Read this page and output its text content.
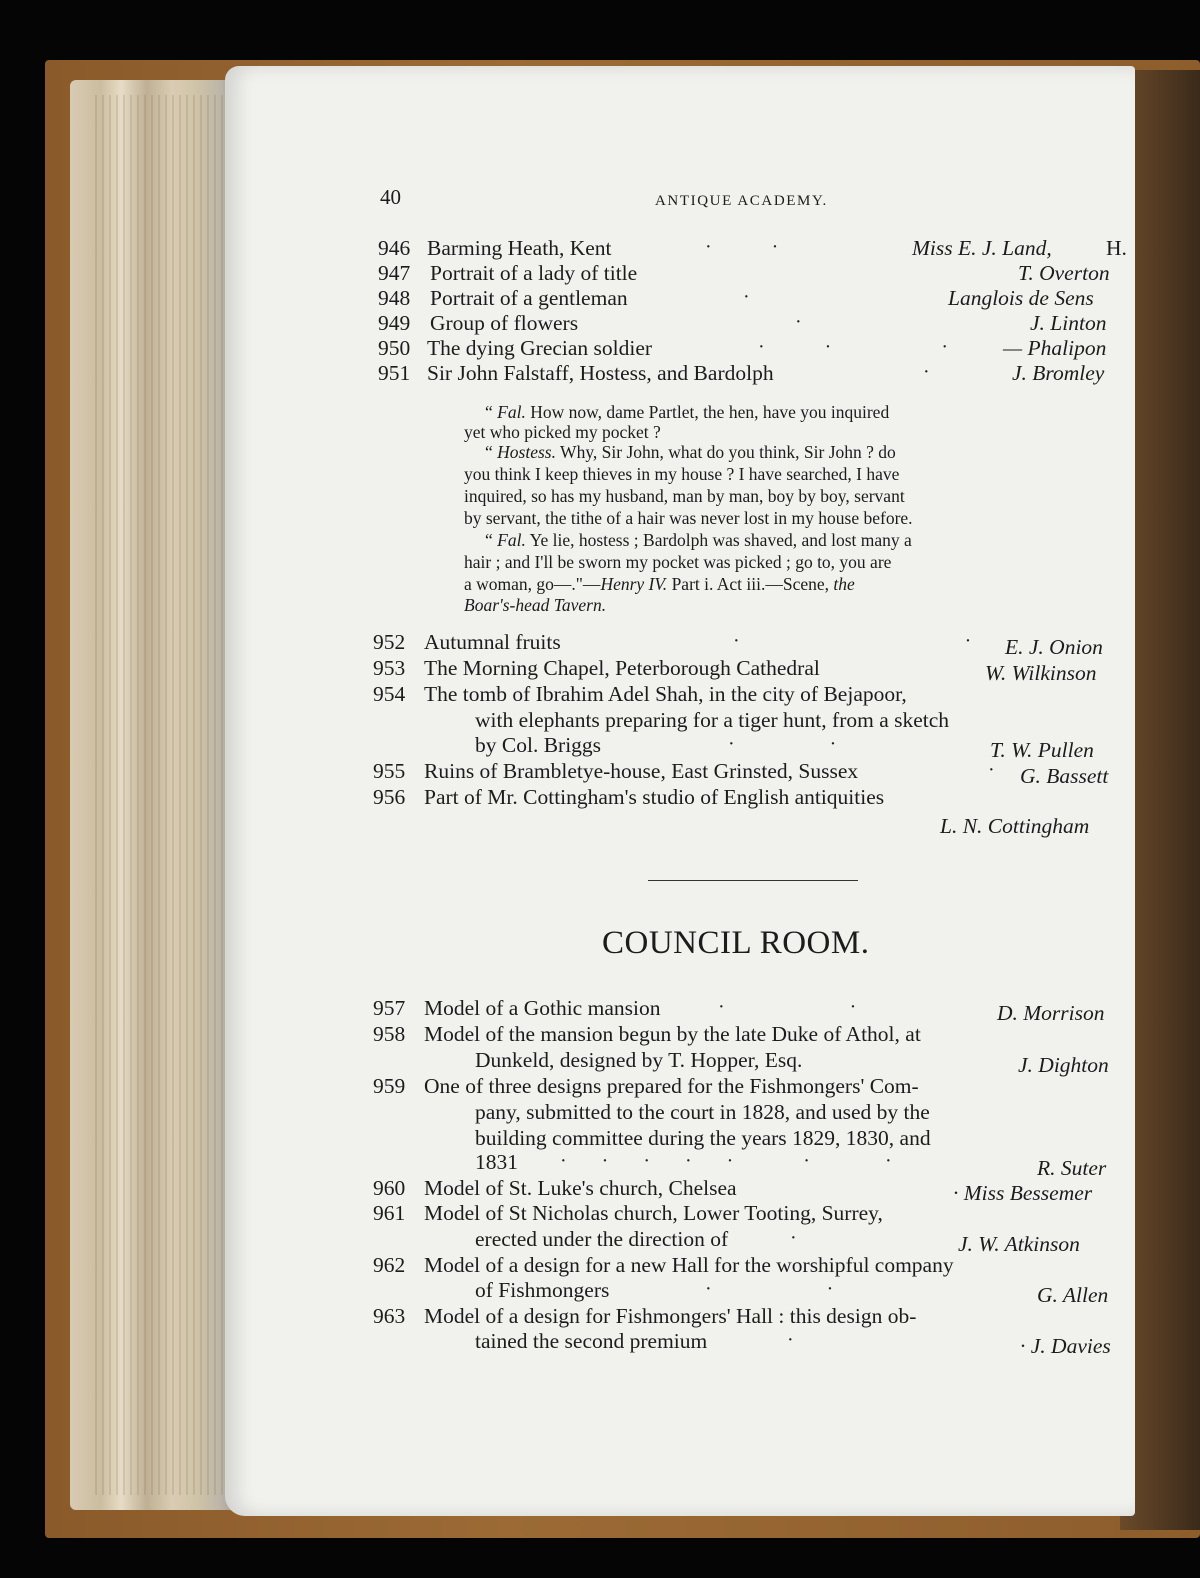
40	ANTIQUE ACADEMY.
946 Barming Heath, Kent	·            ·	Miss E. J. Land,	H.
947 Portrait of a lady of title	T. Overton
948 Portrait of a gentleman	·	Langlois de Sens
949 Group of flowers	·	J. Linton
950 The dying Grecian soldier	·            ·                      ·	— Phalipon
951 Sir John Falstaff, Hostess, and Bardolph	·	J. Bromley
“ Fal. How now, dame Partlet, the hen, have you inquired
yet who picked my pocket ?
“ Hostess. Why, Sir John, what do you think, Sir John ? do
you think I keep thieves in my house ? I have searched, I have
inquired, so has my husband, man by man, boy by boy, servant
by servant, the tithe of a hair was never lost in my house before.
“ Fal. Ye lie, hostess ; Bardolph was shaved, and lost many a
hair ; and I'll be sworn my pocket was picked ; go to, you are
a woman, go—."—Henry IV. Part i. Act iii.—Scene, the
Boar's-head Tavern.
952 Autumnal fruits	·                                             · E. J. Onion
953 The Morning Chapel, Peterborough Cathedral	W. Wilkinson
954 The tomb of Ibrahim Adel Shah, in the city of Bejapoor,
with elephants preparing for a tiger hunt, from a sketch
by Col. Briggs	·                   ·	T. W. Pullen
955 Ruins of Brambletye-house, East Grinsted, Sussex	· G. Bassett
956 Part of Mr. Cottingham's studio of English antiquities
L. N. Cottingham
COUNCIL ROOM.
957 Model of a Gothic mansion	·                         ·	D. Morrison
958 Model of the mansion begun by the late Duke of Athol, at
Dunkeld, designed by T. Hopper, Esq.	J. Dighton
959 One of three designs prepared for the Fishmongers' Com-
pany, submitted to the court in 1828, and used by the
building committee during the years 1829, 1830, and
1831 ·       ·       ·       ·       ·              ·               ·	R. Suter
960 Model of St. Luke's church, Chelsea	· Miss Bessemer
961 Model of St Nicholas church, Lower Tooting, Surrey,
erected under the direction of	·	J. W. Atkinson
962 Model of a design for a new Hall for the worshipful company
of Fishmongers	·                       ·	G. Allen
963 Model of a design for Fishmongers' Hall : this design ob-
tained the second premium	·	· J. Davies
